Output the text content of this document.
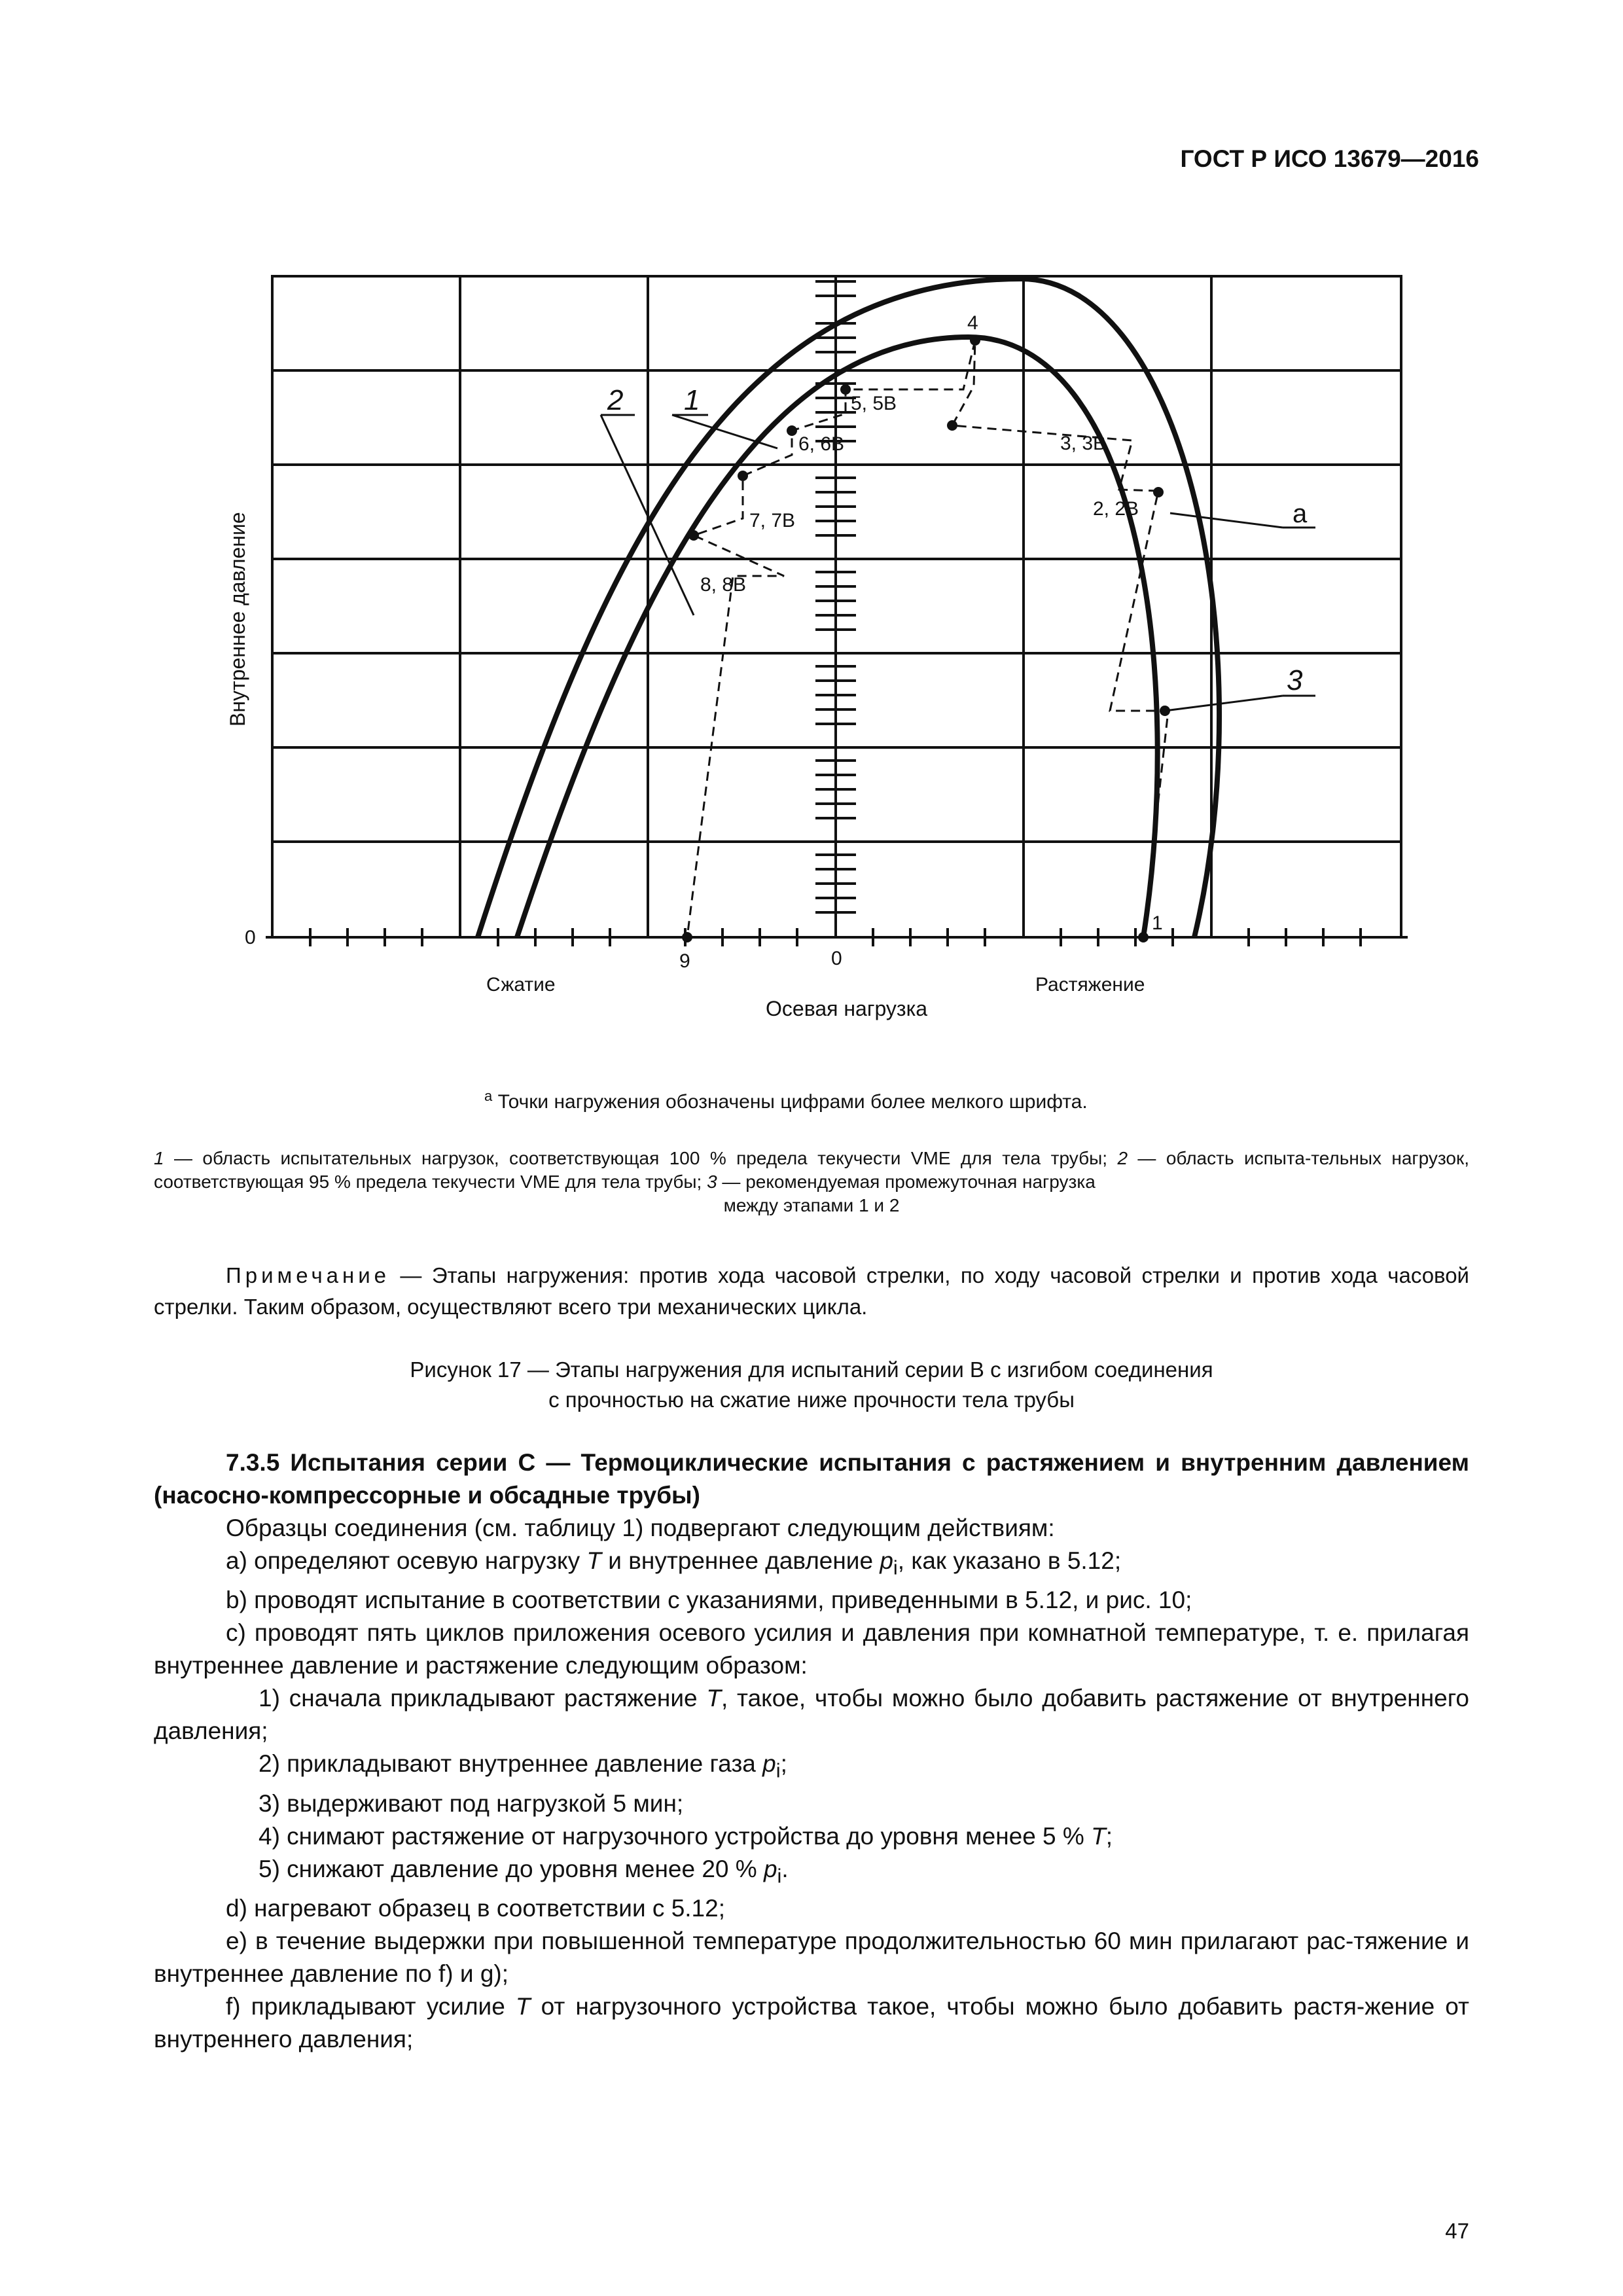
ГОСТ Р ИСО 13679—2016
1
2, 2В
3, 3В
4
5, 5В
6, 6В
7, 7В
8, 8В
9
2 1
3
а
0
0
Сжатие	Растяжение
Осевая нагрузка
Внутреннее давление
$^а$ Точки нагружения обозначены цифрами более мелкого шрифта.
1 — область испытательных нагрузок, соответствующая 100 % предела текучести VME для тела трубы; 2 — область испыта-тельных нагрузок, соответствующая 95 % предела текучести VME для тела трубы; 3 — рекомендуемая промежуточная нагрузка
между этапами 1 и 2
Примечание — Этапы нагружения: против хода часовой стрелки, по ходу часовой стрелки и против хода часовой стрелки. Таким образом, осуществляют всего три механических цикла.
Рисунок 17 — Этапы нагружения для испытаний серии В с изгибом соединения
с прочностью на сжатие ниже прочности тела трубы

7.3.5 Испытания серии С — Термоциклические испытания с растяжением и внутренним давлением (насосно-компрессорные и обсадные трубы)

Образцы соединения (см. таблицу 1) подвергают следующим действиям:

a) определяют осевую нагрузку T и внутреннее давление $p_i$, как указано в 5.12;

b) проводят испытание в соответствии с указаниями, приведенными в 5.12, и рис. 10;

c) проводят пять циклов приложения осевого усилия и давления при комнатной температуре, т. е. прилагая внутреннее давление и растяжение следующим образом:

1) сначала прикладывают растяжение T, такое, чтобы можно было добавить растяжение от внутреннего давления;

2) прикладывают внутреннее давление газа $p_i$;

3) выдерживают под нагрузкой 5 мин;

4) снимают растяжение от нагрузочного устройства до уровня менее 5 % T;

5) снижают давление до уровня менее 20 % $p_i$.

d) нагревают образец в соответствии с 5.12;

e) в течение выдержки при повышенной температуре продолжительностью 60 мин прилагают рас-тяжение и внутреннее давление по f) и g);

f) прикладывают усилие T от нагрузочного устройства такое, чтобы можно было добавить растя-жение от внутреннего давления;

47
